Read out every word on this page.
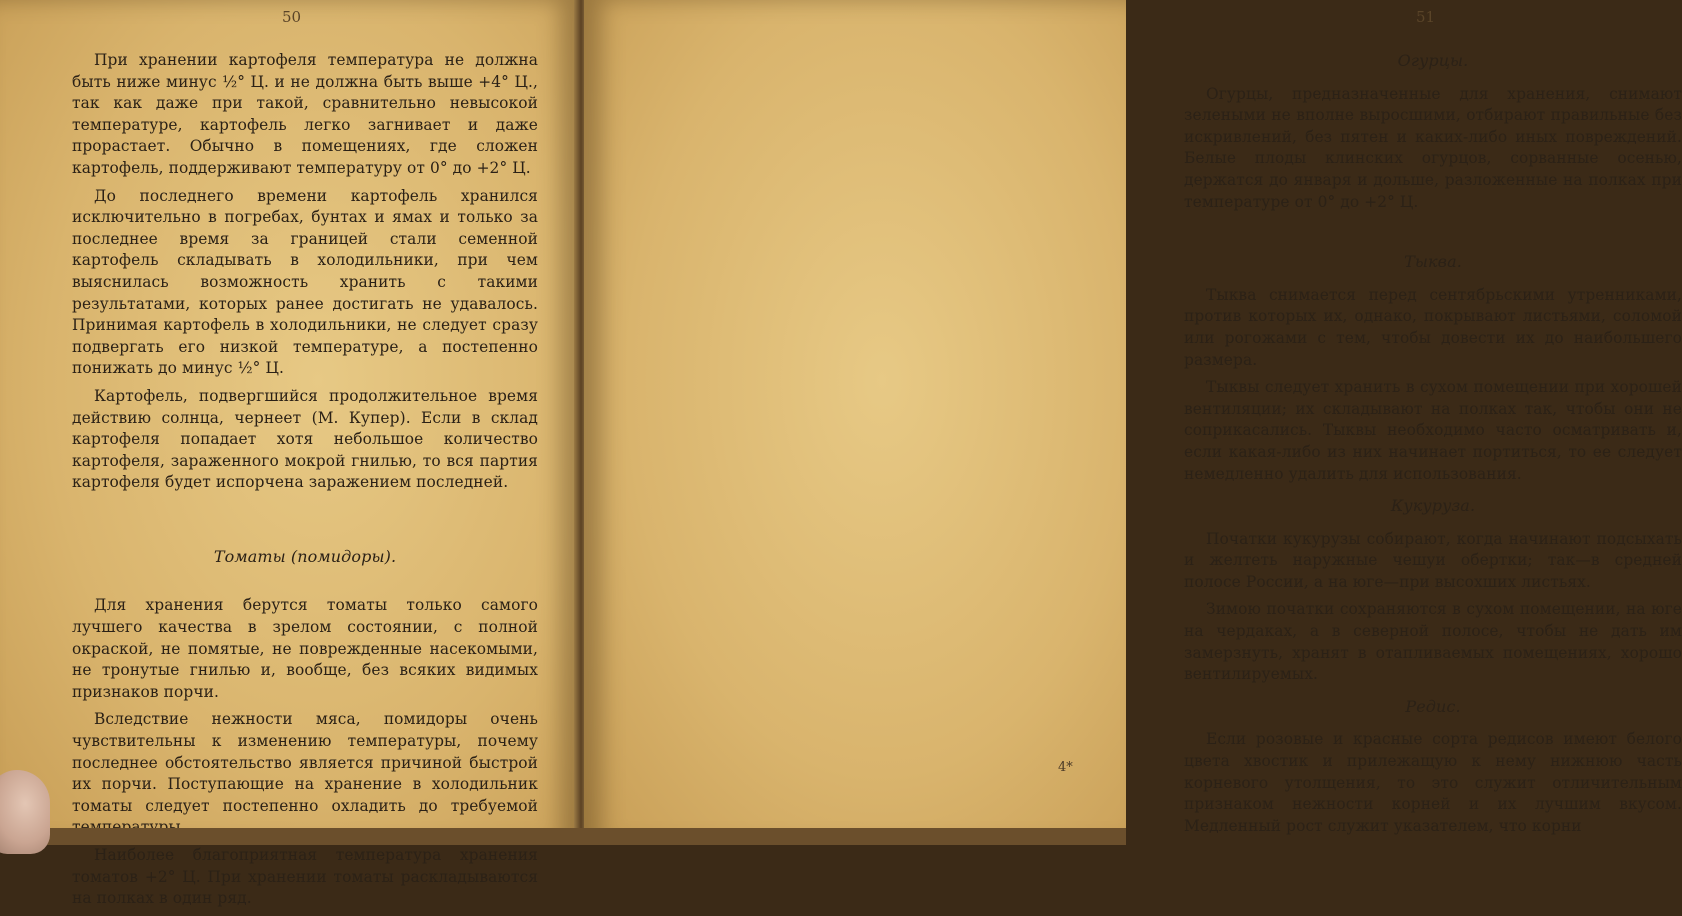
50

При хранении картофеля температура не должна быть ниже минус ½° Ц. и не должна быть выше +4° Ц., так как даже при такой, сравнительно невысокой температуре, картофель легко загнивает и даже прорастает. Обычно в помещениях, где сложен картофель, поддерживают температуру от 0° до +2° Ц.

До последнего времени картофель хранился исключительно в погребах, бунтах и ямах и только за последнее время за границей стали семенной картофель складывать в холодильники, при чем выяснилась возможность хранить с такими результатами, которых ранее достигать не удавалось. Принимая картофель в холодильники, не следует сразу подвергать его низкой температуре, а постепенно понижать до минус ½° Ц.

Картофель, подвергшийся продолжительное время действию солнца, чернеет (М. Купер). Если в склад картофеля попадает хотя небольшое количество картофеля, зараженного мокрой гнилью, то вся партия картофеля будет испорчена заражением последней.

Томаты (помидоры).

Для хранения берутся томаты только самого лучшего качества в зрелом состоянии, с полной окраской, не помятые, не поврежденные насекомыми, не тронутые гнилью и, вообще, без всяких видимых признаков порчи.

Вследствие нежности мяса, помидоры очень чувствительны к изменению температуры, почему последнее обстоятельство является причиной быстрой их порчи. Поступающие на хранение в холодильник томаты следует постепенно охладить до требуемой

Наиболее благоприятная температура хранения томатов +2° Ц. При хранении томаты раскладываются на полках в один ряд.

51
Огурцы.

Огурцы, предназначенные для хранения, снимают зелеными не вполне выросшими, отбирают правильные без искривлений, без пятен и каких-либо иных повреждений. Белые плоды клинских огурцов, сорванные осенью, держатся до января и дольше, разложенные на полках при температуре от 0° до +2° Ц.

Тыква.

Тыква снимается перед сентябрьскими утренниками, против которых их, однако, покрывают листьями, соломой или рогожами с тем, чтобы довести их до наибольшего размера.

Тыквы следует хранить в сухом помещении при хорошей вентиляции; их складывают на полках так, чтобы они не соприкасались. Тыквы необходимо часто осматривать и, если какая-либо из них начинает портиться, то ее следует немедленно удалить для использования.

Кукуруза.

Початки кукурузы собирают, когда начинают подсыхать и желтеть наружные чешуи обертки; так—в средней полосе России, а на юге—при высохших листьях.

Зимою початки сохраняются в сухом помещении, на юге на чердаках, а в северной полосе, чтобы не дать им замерзнуть, хранят в отапливаемых помещениях, хорошо вентилируемых.

Редис.

Если розовые и красные сорта редисов имеют белого цвета хвостик и прилежащую к нему нижнюю часть корневого утолщения, то это служит отличительным признаком нежности корней и их лучшим вкусом. Медленный рост служит указателем, что корни

4*
